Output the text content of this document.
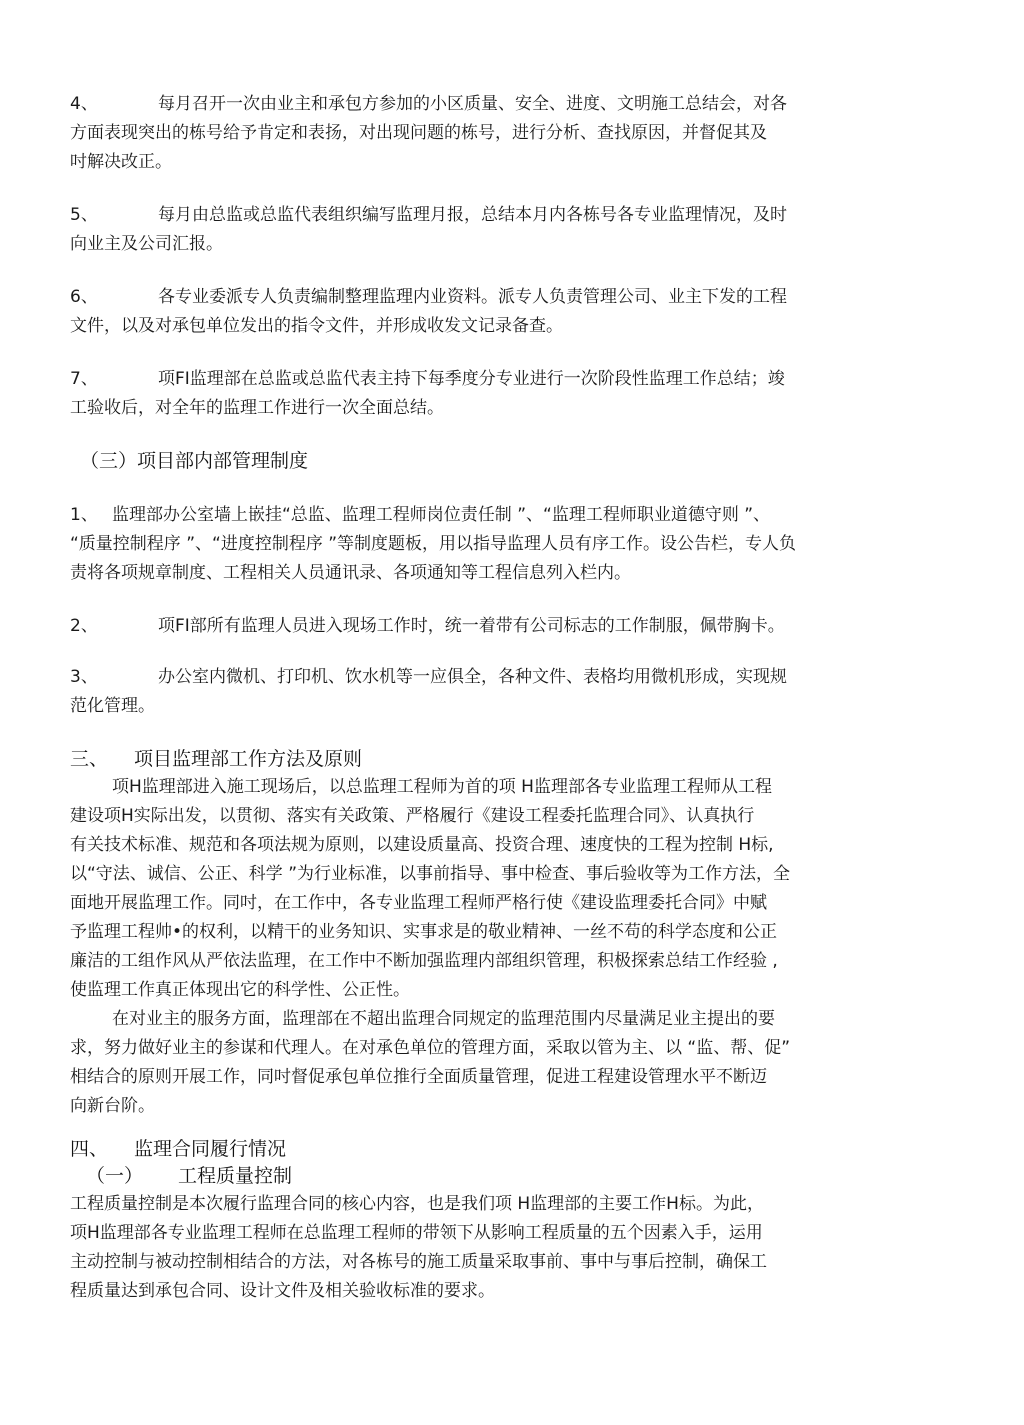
4、	每月召开一次由业主和承包方参加的小区质量、安全、进度、文明施工总结会，对各
方面表现突出的栋号给予肯定和表扬，对出现问题的栋号，进行分析、查找原因，并督促其及
吋解决改正。
5、	每月由总监或总监代表组织编写监理月报，总结本月内各栋号各专业监理情况，及时
向业主及公司汇报。
6、	各专业委派专人负责编制整理监理内业资料。派专人负责管理公司、业主下发的工程
文件，以及对承包单位发出的指令文件，并形成收发文记录备查。
7、	项FI监理部在总监或总监代表主持下每季度分专业进行一次阶段性监理工作总结；竣
工验收后，对全年的监理工作进行一次全面总结。
（三）项目部内部管理制度
1、 监理部办公室墙上嵌挂“总监、监理工程师岗位责任制 ”、“监理工程师职业道德守则 ”、
“质量控制程序 ”、“进度控制程序 ”等制度题板，用以指导监理人员有序工作。设公告栏，专人负
责将各项规章制度、工程相关人员通讯录、各项通知等工程信息列入栏内。
2、	项FI部所有监理人员进入现场工作时，统一着带有公司标志的工作制服，佩带胸卡。
3、	办公室内微机、打印机、饮水机等一应俱全，各种文件、表格均用微机形成，实现规
范化管理。
三、 项目监理部工作方法及原则
项H监理部进入施工现场后，以总监理工程师为首的项 H监理部各专业监理工程师从工程
建设项H实际出发，以贯彻、落实有关政策、严格履行《建设工程委托监理合同》、认真执行
有关技术标准、规范和各项法规为原则，以建设质量高、投资合理、速度快的工程为控制 H标,
以“守法、诚信、公正、科学 ”为行业标准，以事前指导、事中检查、事后验收等为工作方法，全
面地开展监理工作。同吋，在工作中，各专业监理工程师严格行使《建设监理委托合同》中赋
予监理工程帅•的权利，以精干的业务知识、实事求是的敬业精神、一丝不苟的科学态度和公正
廉洁的工组作风从严依法监理，在工作中不断加强监理内部组织管理，积极探索总结工作经验 ,
使监理工作真正体现出它的科学性、公正性。
在对业主的服务方面，监理部在不超出监理合同规定的监理范围内尽量满足业主提出的要
求，努力做好业主的参谋和代理人。在对承色单位的管理方面，采取以管为主、以 “监、帮、促”
相结合的原则开展工作，同吋督促承包单位推行全面质量管理，促进工程建设管理水平不断迈
向新台阶。
四、 监理合同履行情况
（一） 工程质量控制
工程质量控制是本次履行监理合同的核心内容，也是我们项 H监理部的主要工作H标。为此，
项H监理部各专业监理工程师在总监理工程师的带领下从影响工程质量的五个因素入手，运用
主动控制与被动控制相结合的方法，对各栋号的施工质量采取事前、事中与事后控制，确保工
程质量达到承包合同、设计文件及相关验收标准的要求。
